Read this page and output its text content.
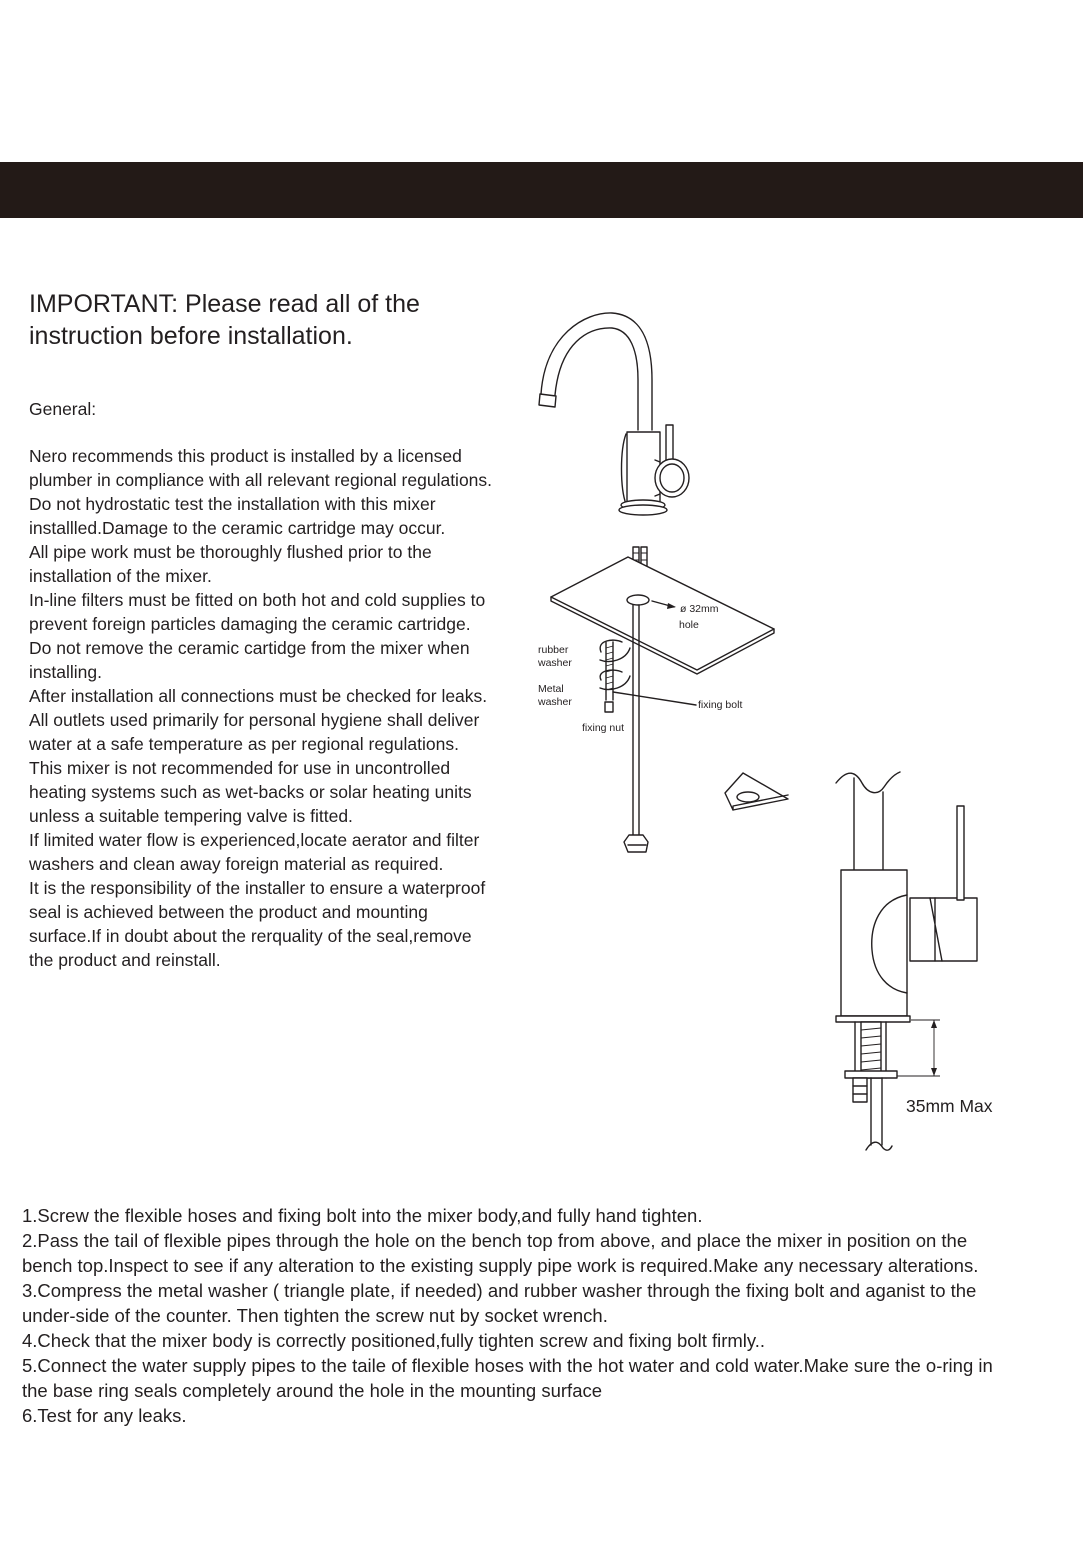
IMPORTANT: Please read all of the instruction before installation.
General:

Nero recommends this product is installed by a licensed plumber in compliance with all relevant regional regulations.

Do not hydrostatic test the installation with this mixer installled.Damage to the ceramic cartridge may occur.

All pipe work must be thoroughly flushed prior to the installation of the mixer.

In-line filters must be fitted on both hot and cold supplies to prevent foreign particles damaging the ceramic cartridge.

Do not remove the ceramic cartidge from the mixer when installing.

After installation all connections must be checked for leaks.

All outlets used primarily for personal hygiene shall deliver water at a safe temperature as per regional regulations.

This mixer is not recommended for use in uncontrolled heating systems such as wet-backs or solar heating units unless a suitable tempering valve is fitted.

If limited water flow is experienced,locate aerator and filter washers and clean away foreign material as required.

It is the responsibility of the installer to ensure a waterproof seal is achieved between the product and mounting surface.If in doubt about the rerquality of the seal,remove the product and reinstall.

ø 32mm
hole
rubber
washer
Metal
washer	fixing bolt
fixing nut
35mm Max

1.Screw the flexible hoses and fixing bolt into the mixer body,and fully hand tighten.

2.Pass the tail of flexible pipes through the hole on the bench top from above, and place the mixer in position on the bench top.Inspect to see if any alteration to the existing supply pipe work is required.Make any necessary alterations.

3.Compress the metal washer ( triangle plate, if needed) and rubber washer through the fixing bolt and aganist to the under-side of the counter. Then tighten the screw nut by socket wrench.

4.Check that the mixer body is correctly positioned,fully tighten screw and fixing bolt firmly..

5.Connect the water supply pipes to the taile of flexible hoses with the hot water and cold water.Make sure the o-ring in the base ring seals completely around the hole in the mounting surface

6.Test for any leaks.
